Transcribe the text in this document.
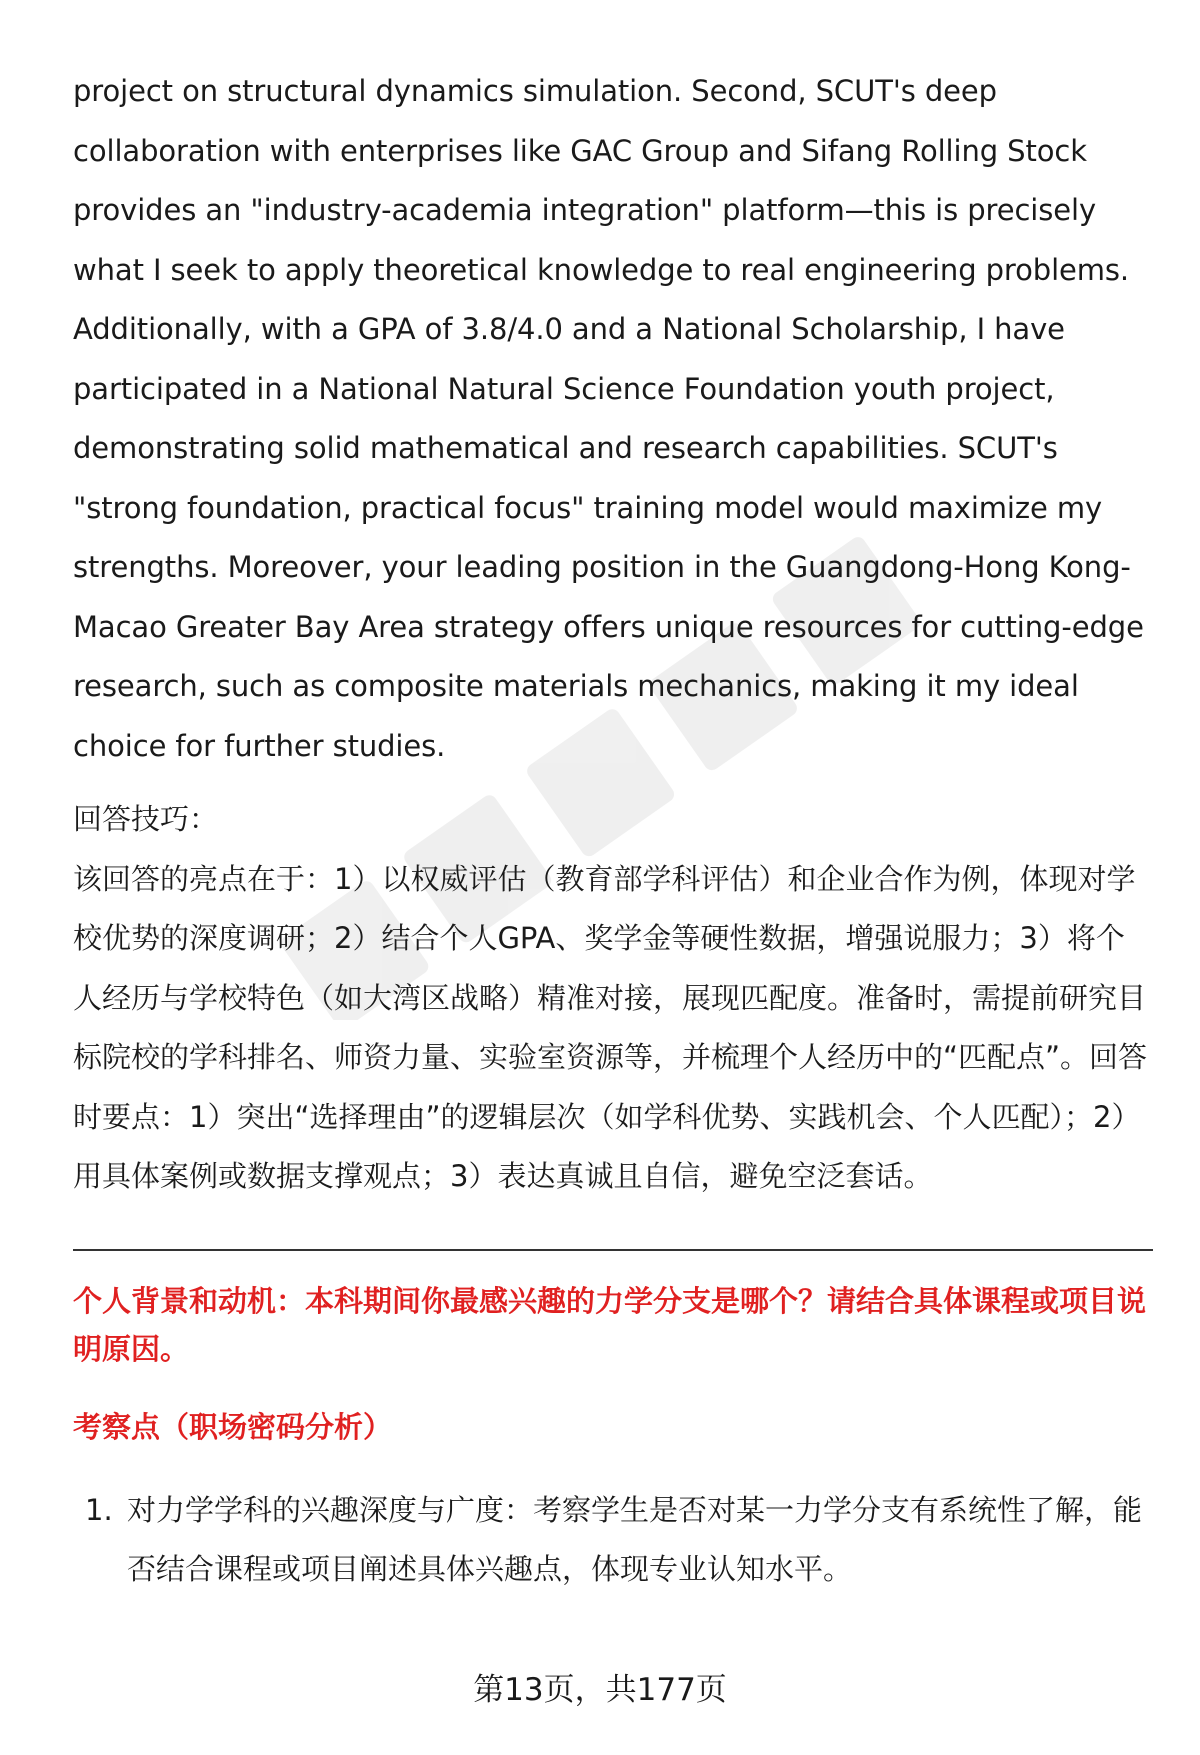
project on structural dynamics simulation. Second, SCUT's deep collaboration with enterprises like GAC Group and Sifang Rolling Stock provides an "industry-academia integration" platform—this is precisely what I seek to apply theoretical knowledge to real engineering problems. Additionally, with a GPA of 3.8/4.0 and a National Scholarship, I have participated in a National Natural Science Foundation youth project, demonstrating solid mathematical and research capabilities. SCUT's "strong foundation, practical focus" training model would maximize my strengths. Moreover, your leading position in the Guangdong-Hong Kong-Macao Greater Bay Area strategy offers unique resources for cutting-edge research, such as composite materials mechanics, making it my ideal choice for further studies.

回答技巧：

该回答的亮点在于：1）以权威评估（教育部学科评估）和企业合作为例，体现对学校优势的深度调研；2）结合个人GPA、奖学金等硬性数据，增强说服力；3）将个人经历与学校特色（如大湾区战略）精准对接，展现匹配度。准备时，需提前研究目标院校的学科排名、师资力量、实验室资源等，并梳理个人经历中的“匹配点”。回答时要点：1）突出“选择理由”的逻辑层次（如学科优势、实践机会、个人匹配）；2）用具体案例或数据支撑观点；3）表达真诚且自信，避免空泛套话。

个人背景和动机：本科期间你最感兴趣的力学分支是哪个？请结合具体课程或项目说明原因。

考察点（职场密码分析）

1. 对力学学科的兴趣深度与广度：考察学生是否对某一力学分支有系统性了解，能否结合课程或项目阐述具体兴趣点，体现专业认知水平。
第13页，共177页
